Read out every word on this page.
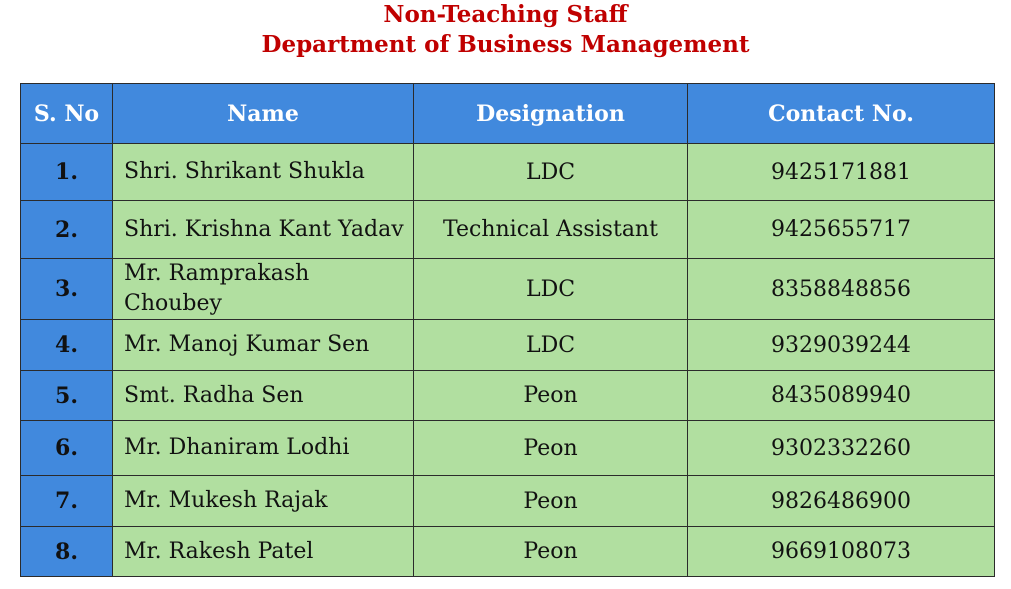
Non-Teaching Staff
Department of Business Management
S. No	Name	Designation	Contact No.
1.	Shri. Shrikant Shukla	LDC	9425171881
2.	Shri. Krishna Kant Yadav	Technical Assistant	9425655717
3.	Mr. Ramprakash Choubey	LDC	8358848856
4.	Mr. Manoj Kumar Sen	LDC	9329039244
5.	Smt. Radha Sen	Peon	8435089940
6.	Mr. Dhaniram Lodhi	Peon	9302332260
7.	Mr. Mukesh Rajak	Peon	9826486900
8.	Mr. Rakesh Patel	Peon	9669108073
